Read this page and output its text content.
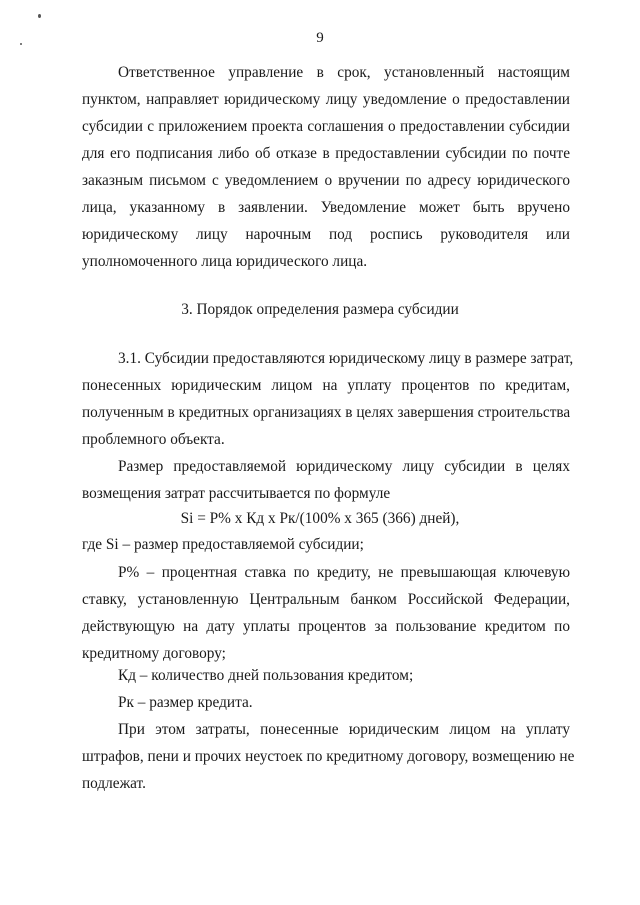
9
Ответственное управление в срок, установленный настоящим
пунктом, направляет юридическому лицу уведомление о предоставлении
субсидии с приложением проекта соглашения о предоставлении субсидии
для его подписания либо об отказе в предоставлении субсидии по почте
заказным письмом с уведомлением о вручении по адресу юридического
лица, указанному в заявлении. Уведомление может быть вручено
юридическому лицу нарочным под роспись руководителя или
уполномоченного лица юридического лица.
3. Порядок определения размера субсидии
3.1. Субсидии предоставляются юридическому лицу в размере затрат,
понесенных юридическим лицом на уплату процентов по кредитам,
полученным в кредитных организациях в целях завершения строительства
проблемного объекта.
Размер предоставляемой юридическому лицу субсидии в целях
возмещения затрат рассчитывается по формуле
Si = P% x Кд x Рк/(100% x 365 (366) дней),
где Si – размер предоставляемой субсидии;
P% – процентная ставка по кредиту, не превышающая ключевую
ставку, установленную Центральным банком Российской Федерации,
действующую на дату уплаты процентов за пользование кредитом по
кредитному договору;
Кд – количество дней пользования кредитом;
Рк – размер кредита.
При этом затраты, понесенные юридическим лицом на уплату
штрафов, пени и прочих неустоек по кредитному договору, возмещению не
подлежат.
